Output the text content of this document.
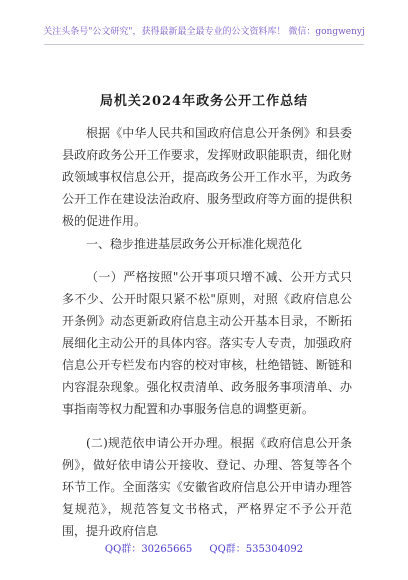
关注头条号"公文研究"，获得最新最全最专业的公文资料库！ 微信：gongwenyj
局机关2024年政务公开工作总结

根据《中华人民共和国政府信息公开条例》和县委县政府政务公开工作要求，发挥财政职能职责，细化财政领域事权信息公开，提高政务公开工作水平，为政务公开工作在建设法治政府、服务型政府等方面的提供积极的促进作用。

一、稳步推进基层政务公开标准化规范化

（一）严格按照"公开事项只增不减、公开方式只多不少、公开时限只紧不松"原则，对照《政府信息公开条例》动态更新政府信息主动公开基本目录，不断拓展细化主动公开的具体内容。落实专人专责，加强政府信息公开专栏发布内容的校对审核，杜绝错链、断链和内容混杂现象。强化权责清单、政务服务事项清单、办事指南等权力配置和办事服务信息的调整更新。

(二)规范依申请公开办理。根据《政府信息公开条例》，做好依申请公开接收、登记、办理、答复等各个环节工作。全面落实《安徽省政府信息公开申请办理答复规范》，规范答复文书格式，严格界定不予公开范围，提升政府信息

QQ群：30265665 QQ群：535304092
